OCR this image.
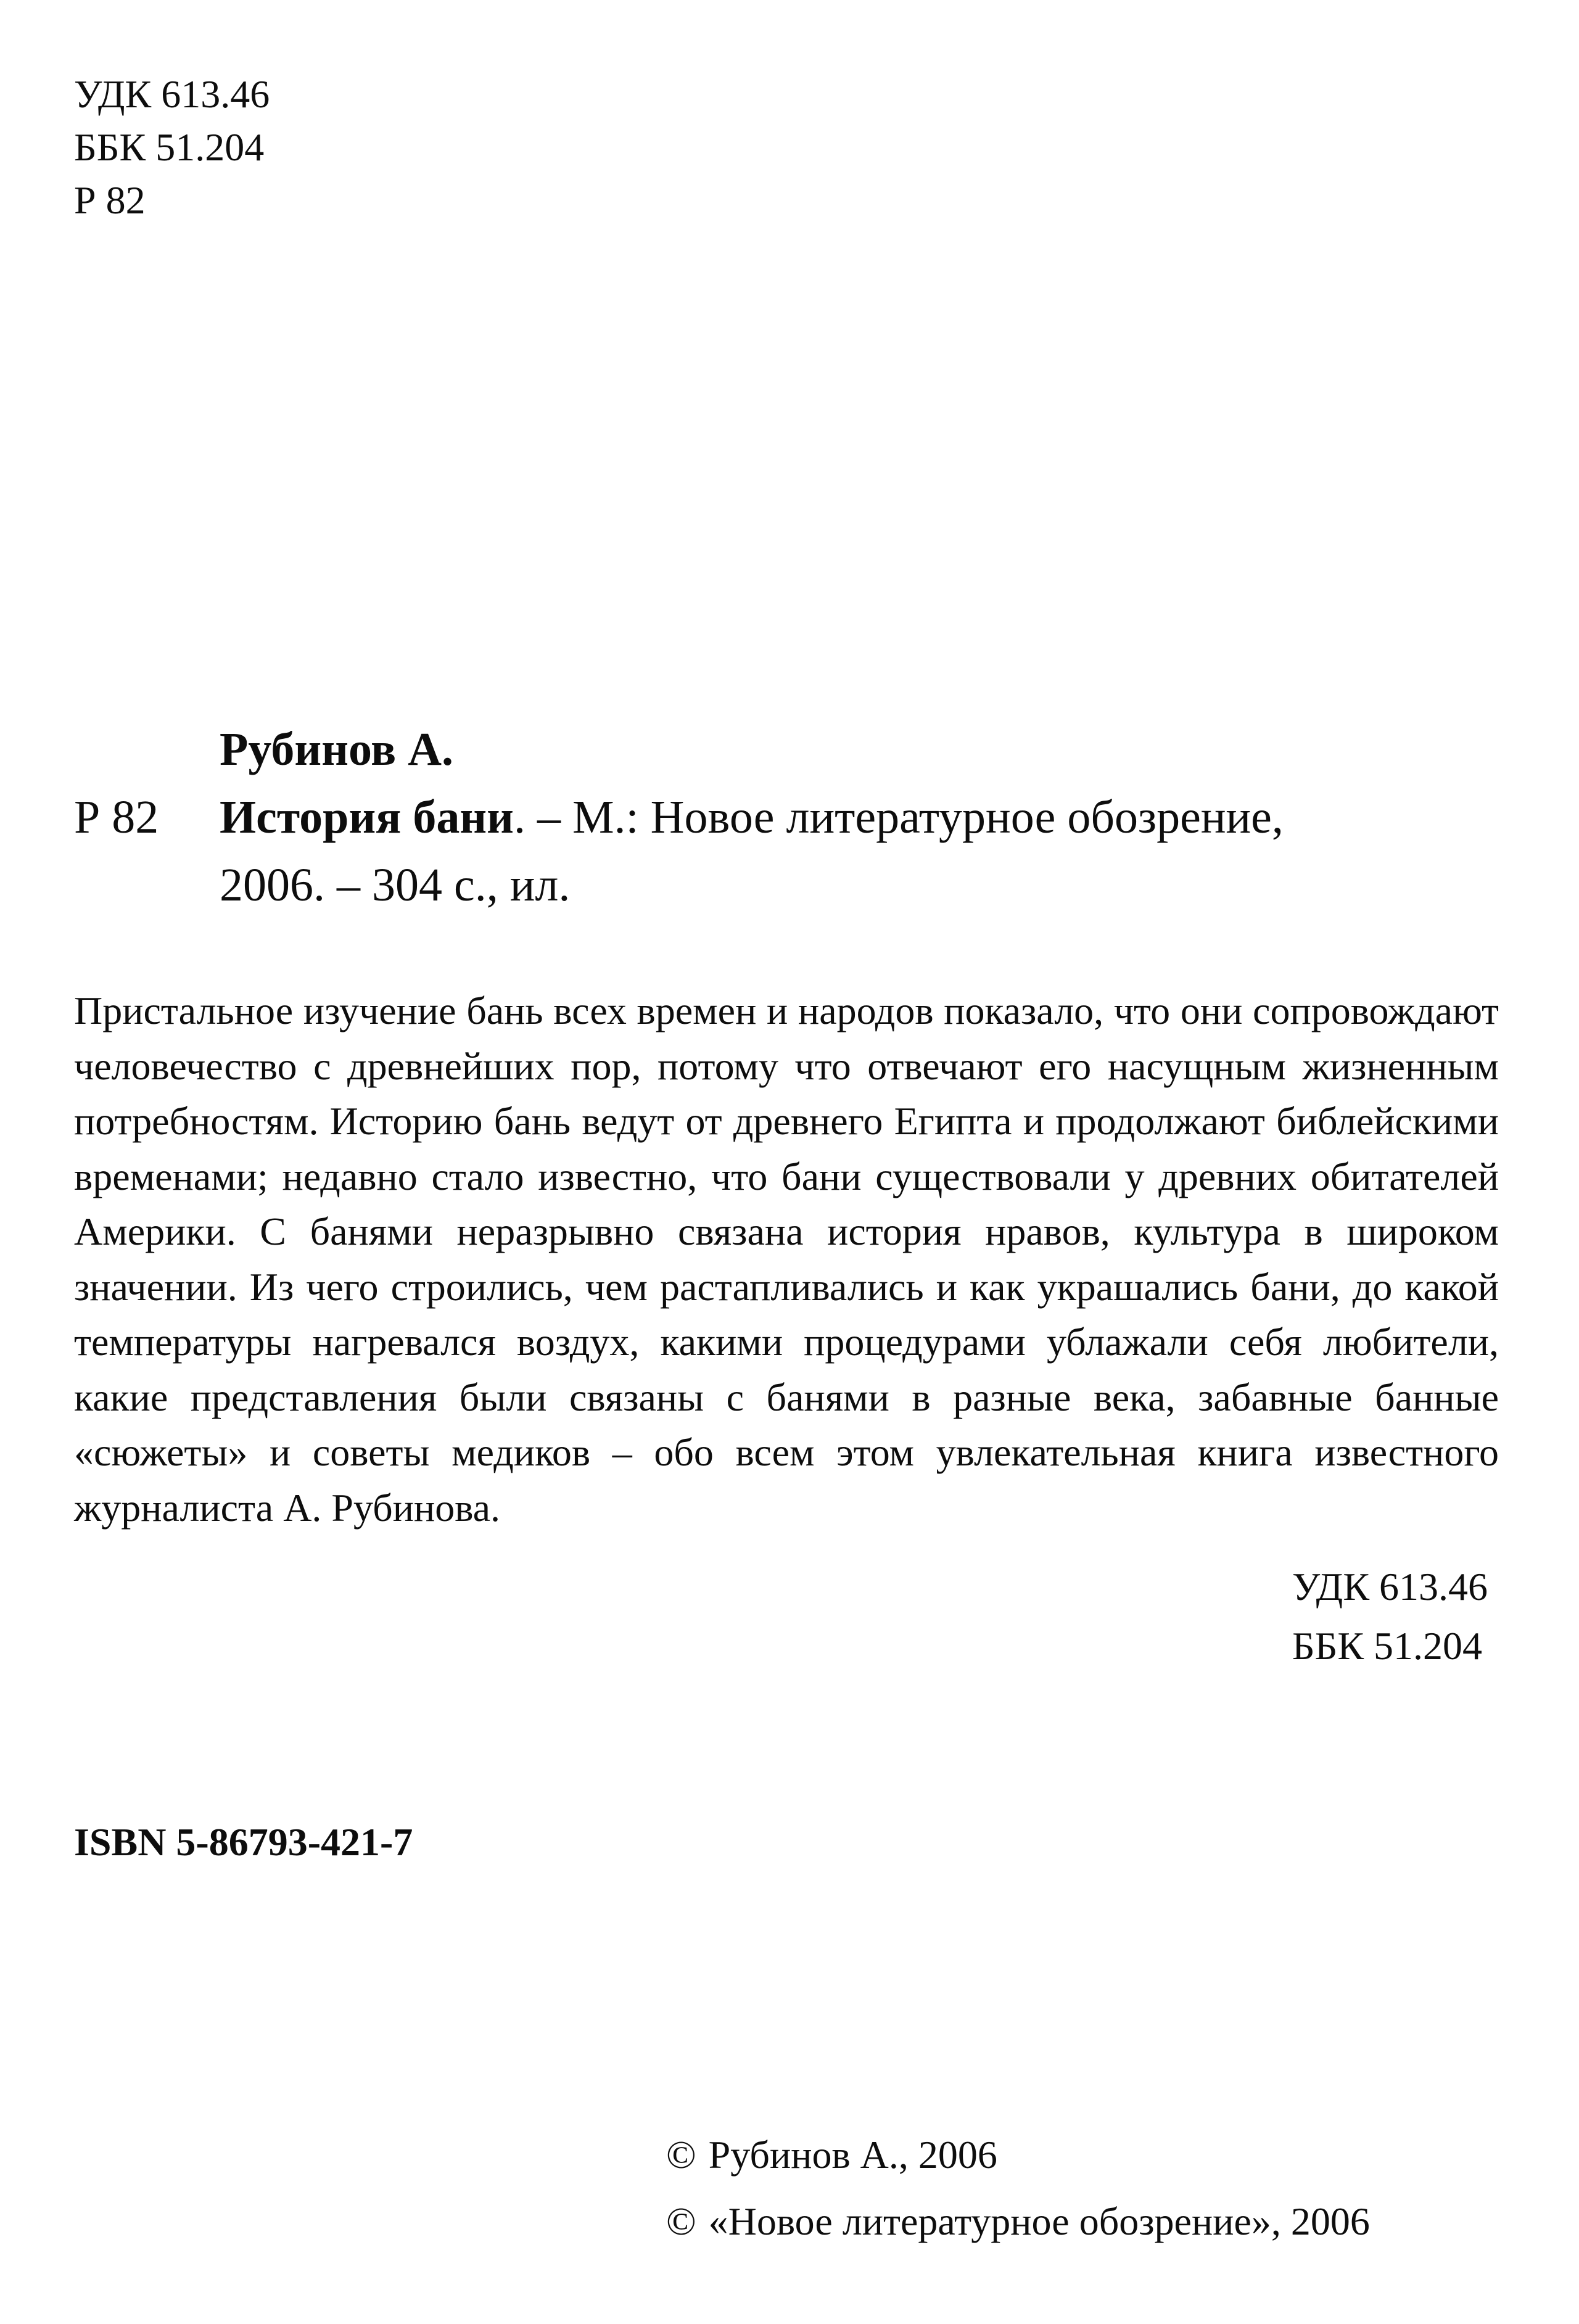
УДК 613.46
ББК 51.204
Р 82
Рубинов А.
Р 82	История бани. – М.: Новое литературное обозрение,
2006. – 304 с., ил.

Пристальное изучение бань всех времен и народов показало, что они сопровождают человечество с древнейших пор, потому что отвечают его насущным жизненным потребностям. Историю бань ведут от древнего Египта и продолжают библейскими временами; недавно стало известно, что бани существовали у древних обитателей Америки. С банями неразрывно связана история нравов, культура в широком значении. Из чего строились, чем растапливались и как украшались бани, до какой температуры нагревался воздух, какими процедурами ублажали себя любители, какие представления были связаны с банями в разные века, забавные банные «сюжеты» и советы медиков – обо всем этом увлекательная книга известного журналиста А. Рубинова.

УДК 613.46
ББК 51.204
ISBN 5-86793-421-7
© Рубинов А., 2006
© «Новое литературное обозрение», 2006
